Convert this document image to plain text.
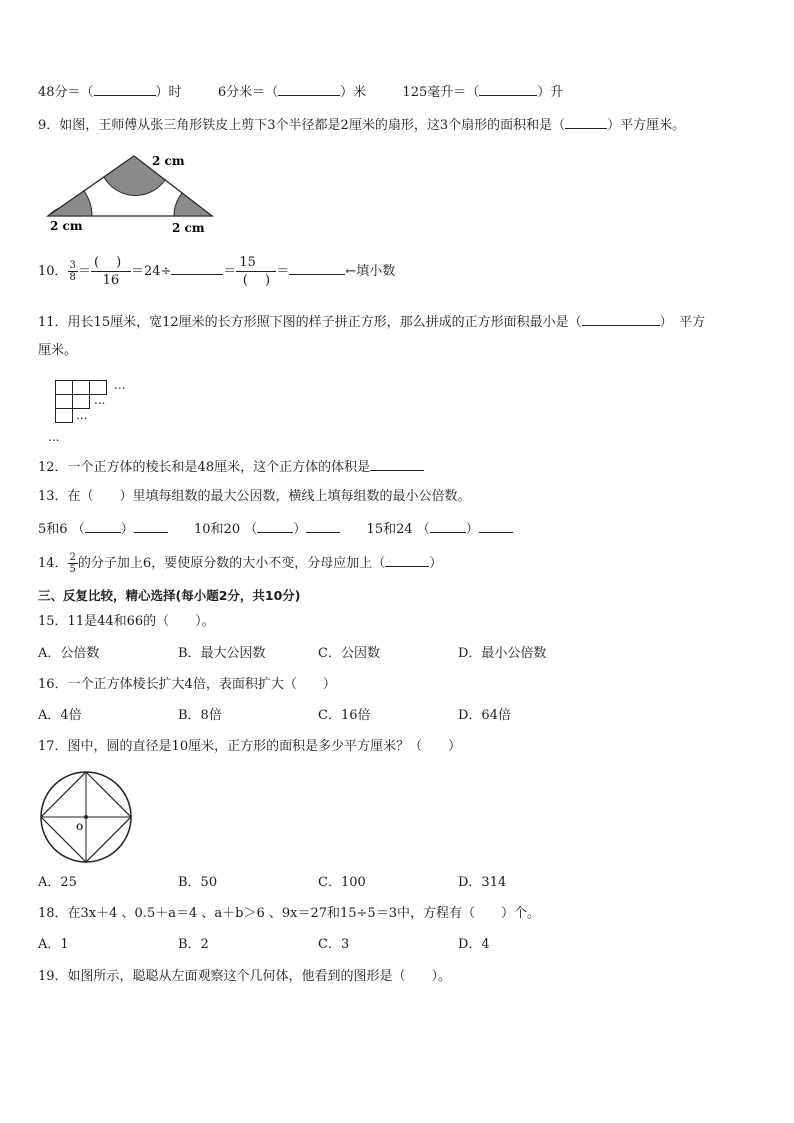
48分＝（	）时	6分米＝（	）米	125毫升＝（	）升
9．如图，王师傅从张三角形铁皮上剪下3个半径都是2厘米的扇形，这3个扇形的面积和是（	）平方厘米。
2 cm
2 cm	2 cm
10． $\frac{3}{8}$ ＝
(　 )
16
＝24÷	＝
15
(　 )
＝	←填小数
11．用长15厘米，宽12厘米的长方形照下图的样子拼正方形，那么拼成的正方形面积最小是（	）　平方
厘米。
...
...
...
...
12．一个正方体的棱长和是48厘米，这个正方体的体积是
13．在（　　）里填每组数的最大公因数，横线上填每组数的最小公倍数。
5和6 （	）	10和20 （	）	15和24 （	）
14． $\frac{2}{5}$ 的分子加上6，要使原分数的大小不变，分母应加上（	）
三、反复比较，精心选择(每小题2分，共10分)
15．11是44和66的（　　）。
A．公倍数	B．最大公因数	C．公因数	D．最小公倍数
16．一个正方体棱长扩大4倍，表面积扩大（　　）
A．4倍	B．8倍	C．16倍	D．64倍
17．图中，圆的直径是10厘米，正方形的面积是多少平方厘米？（　　）
o
A．25	B．50	C．100	D．314
18．在3x＋4 、0.5＋a＝4 、a＋b＞6 、9x＝27和15÷5＝3中，方程有（　　）个。
A．1	B．2	C．3	D．4
19．如图所示，聪聪从左面观察这个几何体，他看到的图形是（　　）。
